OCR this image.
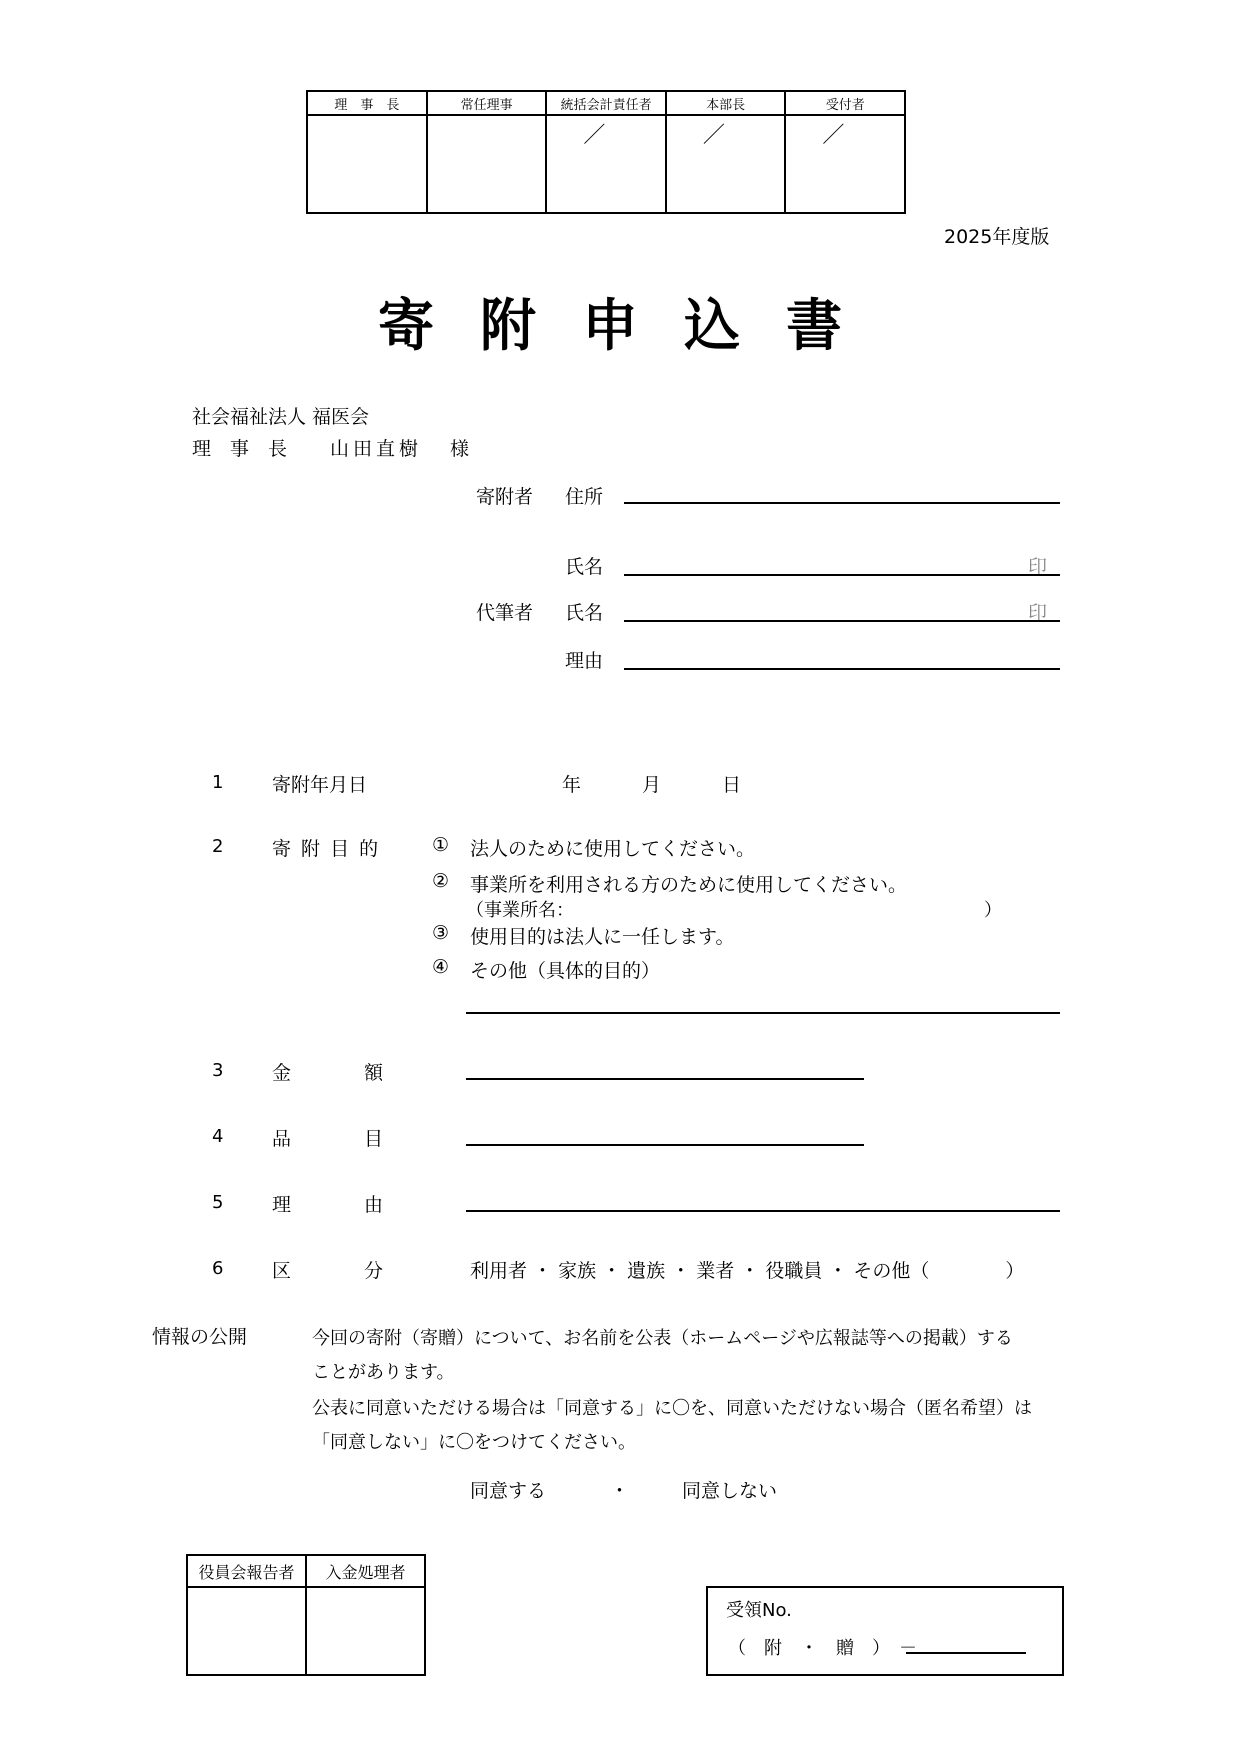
理　事　長	常任理事	統括会計責任者	本部長	受付者

		／	／	／
2025年度版
寄附申込書
社会福祉法人 福医会
理　事　長 山田直樹 様
寄附者 住所
氏名	印
代筆者 氏名	印
理由
1	寄附年月日	年	月	日
2	寄 附 目 的	① 法人のために使用してください。
② 事業所を利用される方のために使用してください。
（事業所名：	）
③ 使用目的は法人に一任します。
④ その他（具体的目的）
3	金	額
4	品	目
5	理	由
6	区	分	利用者 ・ 家族 ・ 遺族 ・ 業者 ・ 役職員 ・ その他（　　　　）
情報の公開	今回の寄附（寄贈）について、お名前を公表（ホームページや広報誌等への掲載）する
ことがあります。
公表に同意いただける場合は「同意する」に〇を、同意いただけない場合（匿名希望）は
「同意しない」に〇をつけてください。
同意する	・	同意しない
役員会報告者	入金処理者

受領No.
（　附　・　贈　）　－
